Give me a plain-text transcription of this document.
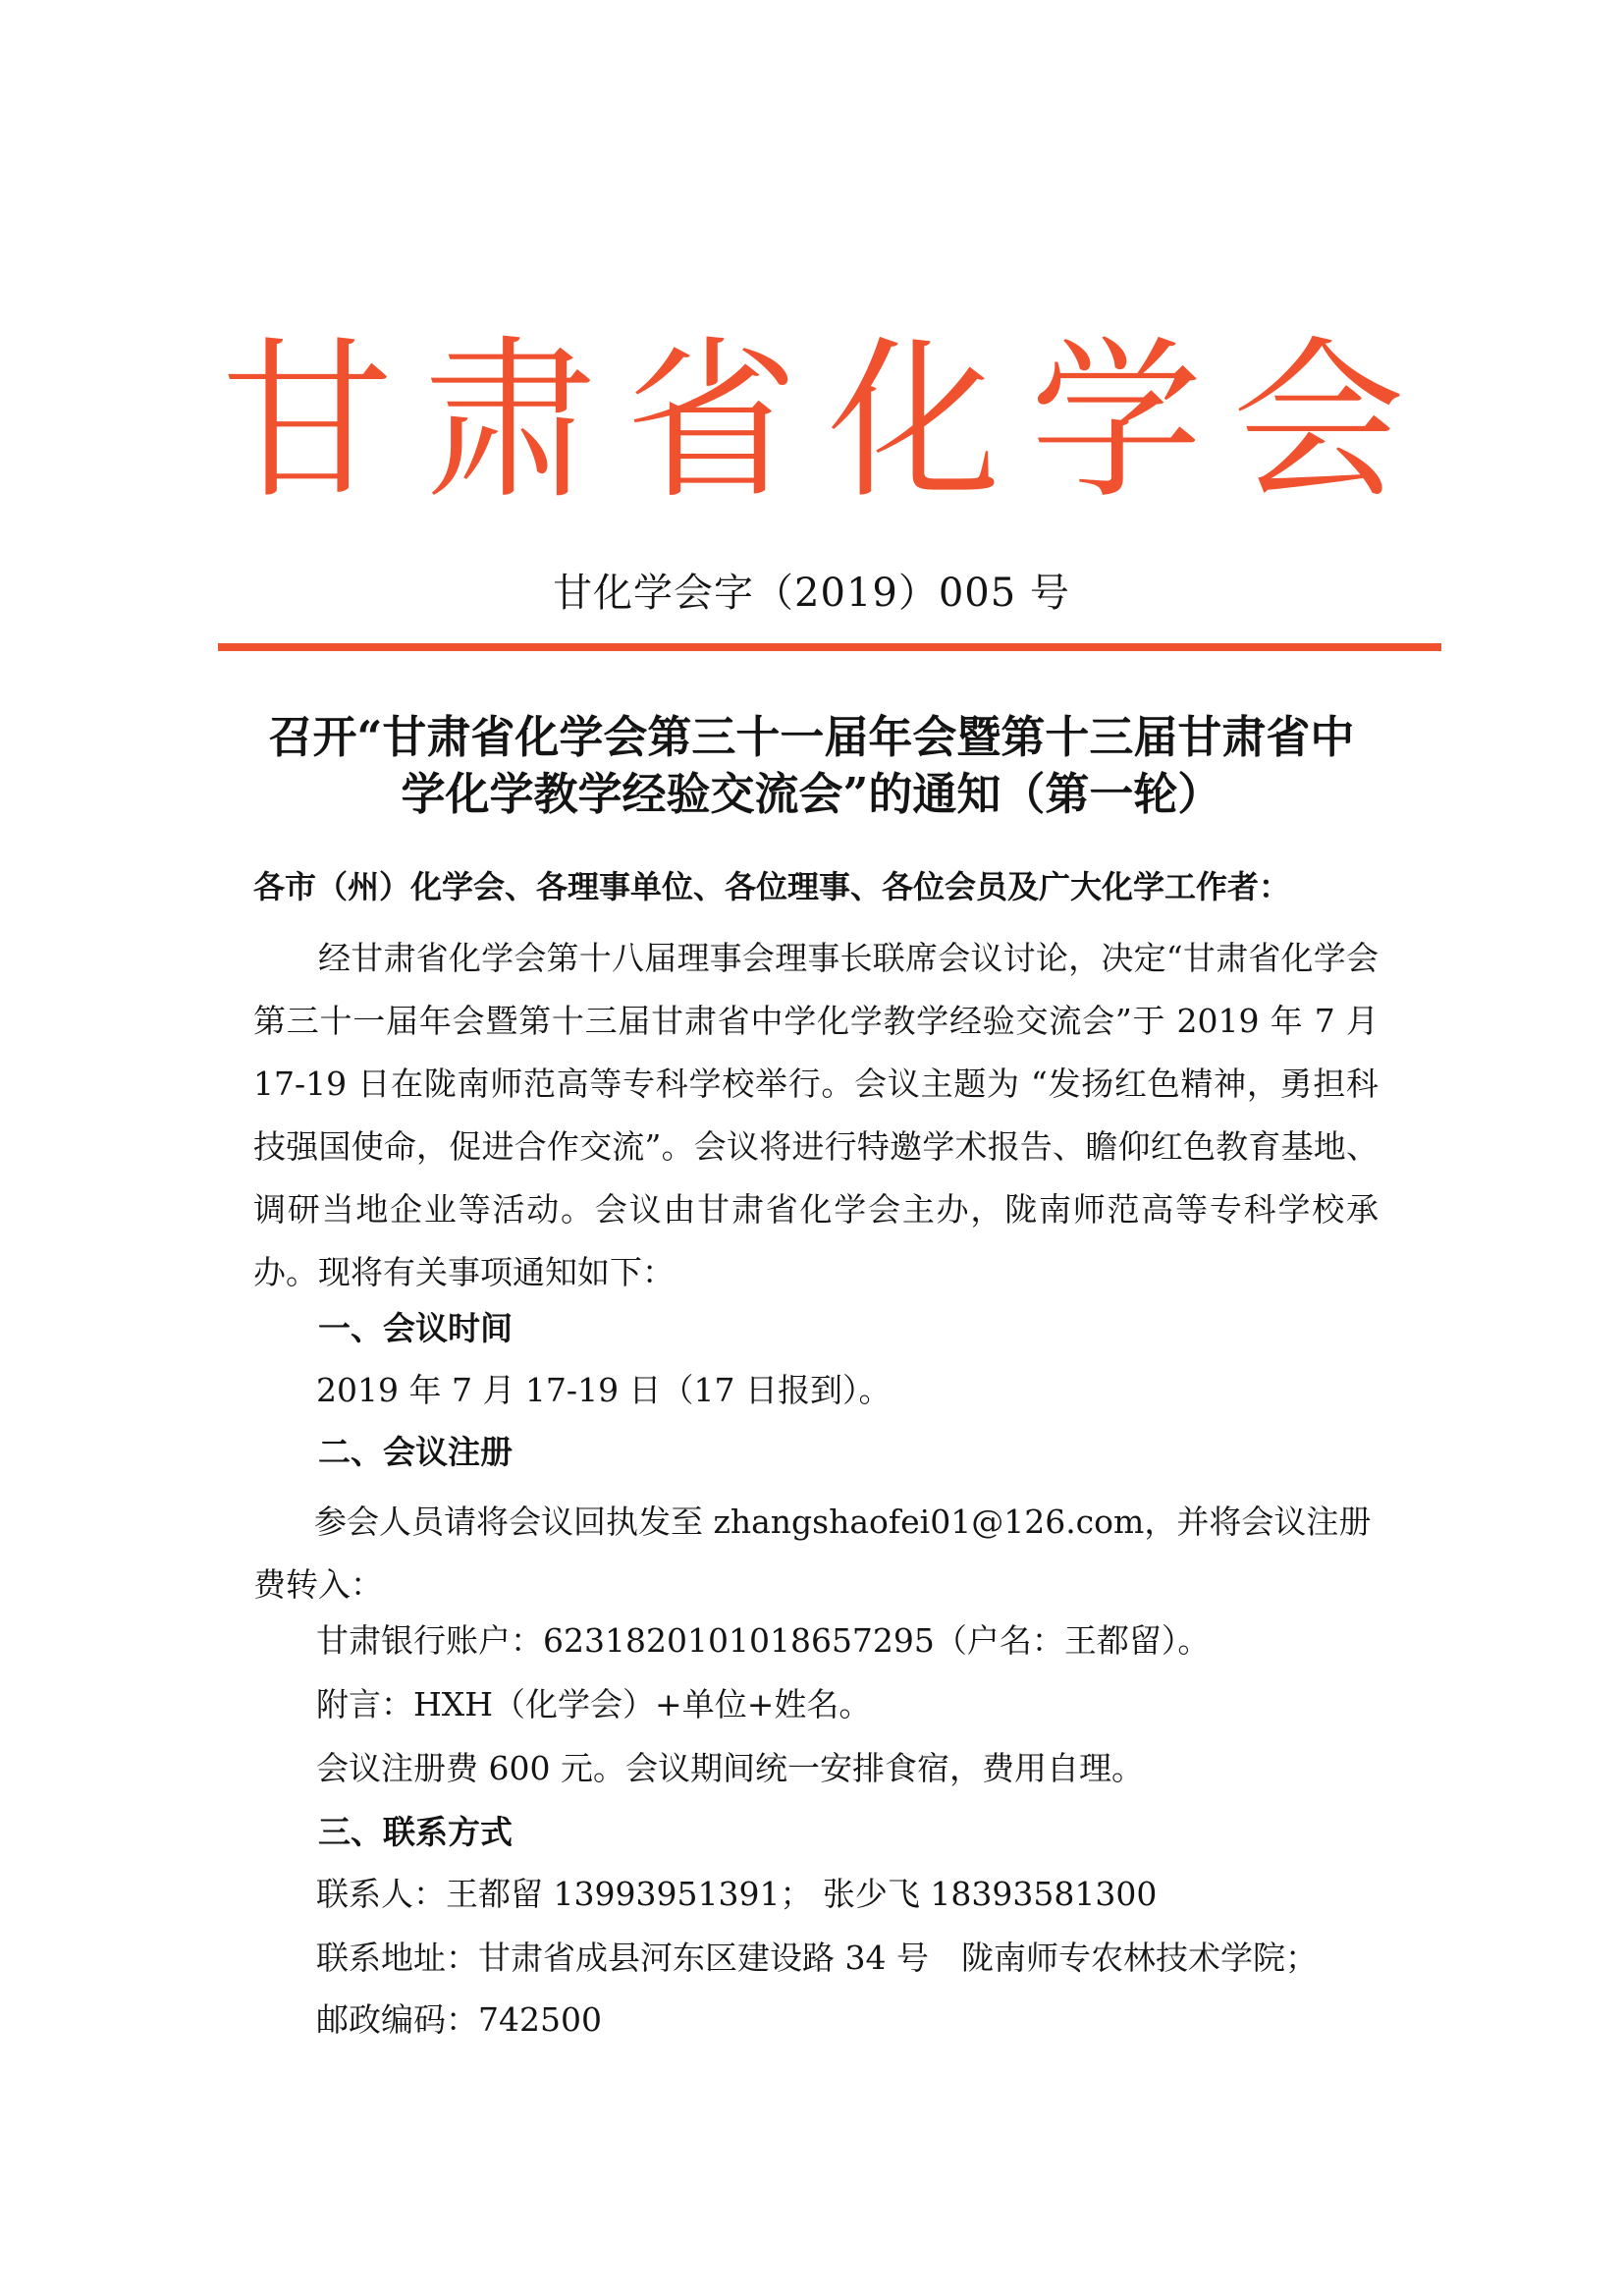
甘肃省化学会
甘化学会字（2019）005 号
召开“甘肃省化学会第三十一届年会暨第十三届甘肃省中
学化学教学经验交流会”的通知（第一轮）
各市（州）化学会、各理事单位、各位理事、各位会员及广大化学工作者：
经甘肃省化学会第十八届理事会理事长联席会议讨论，决定“甘肃省化学会第三十一届年会暨第十三届甘肃省中学化学教学经验交流会”于 2019 年 7 月 17-19 日在陇南师范高等专科学校举行。会议主题为 “发扬红色精神，勇担科技强国使命，促进合作交流”。会议将进行特邀学术报告、瞻仰红色教育基地、调研当地企业等活动。会议由甘肃省化学会主办，陇南师范高等专科学校承办。现将有关事项通知如下：
一、会议时间
2019 年 7 月 17-19 日（17 日报到）。
二、会议注册
参会人员请将会议回执发至 zhangshaofei01@126.com，并将会议注册费转入：
甘肃银行账户：6231820101018657295（户名：王都留）。
附言：HXH（化学会）+单位+姓名。
会议注册费 600 元。会议期间统一安排食宿，费用自理。
三、联系方式
联系人：王都留 13993951391； 张少飞 18393581300
联系地址：甘肃省成县河东区建设路 34 号　陇南师专农林技术学院；
邮政编码：742500
